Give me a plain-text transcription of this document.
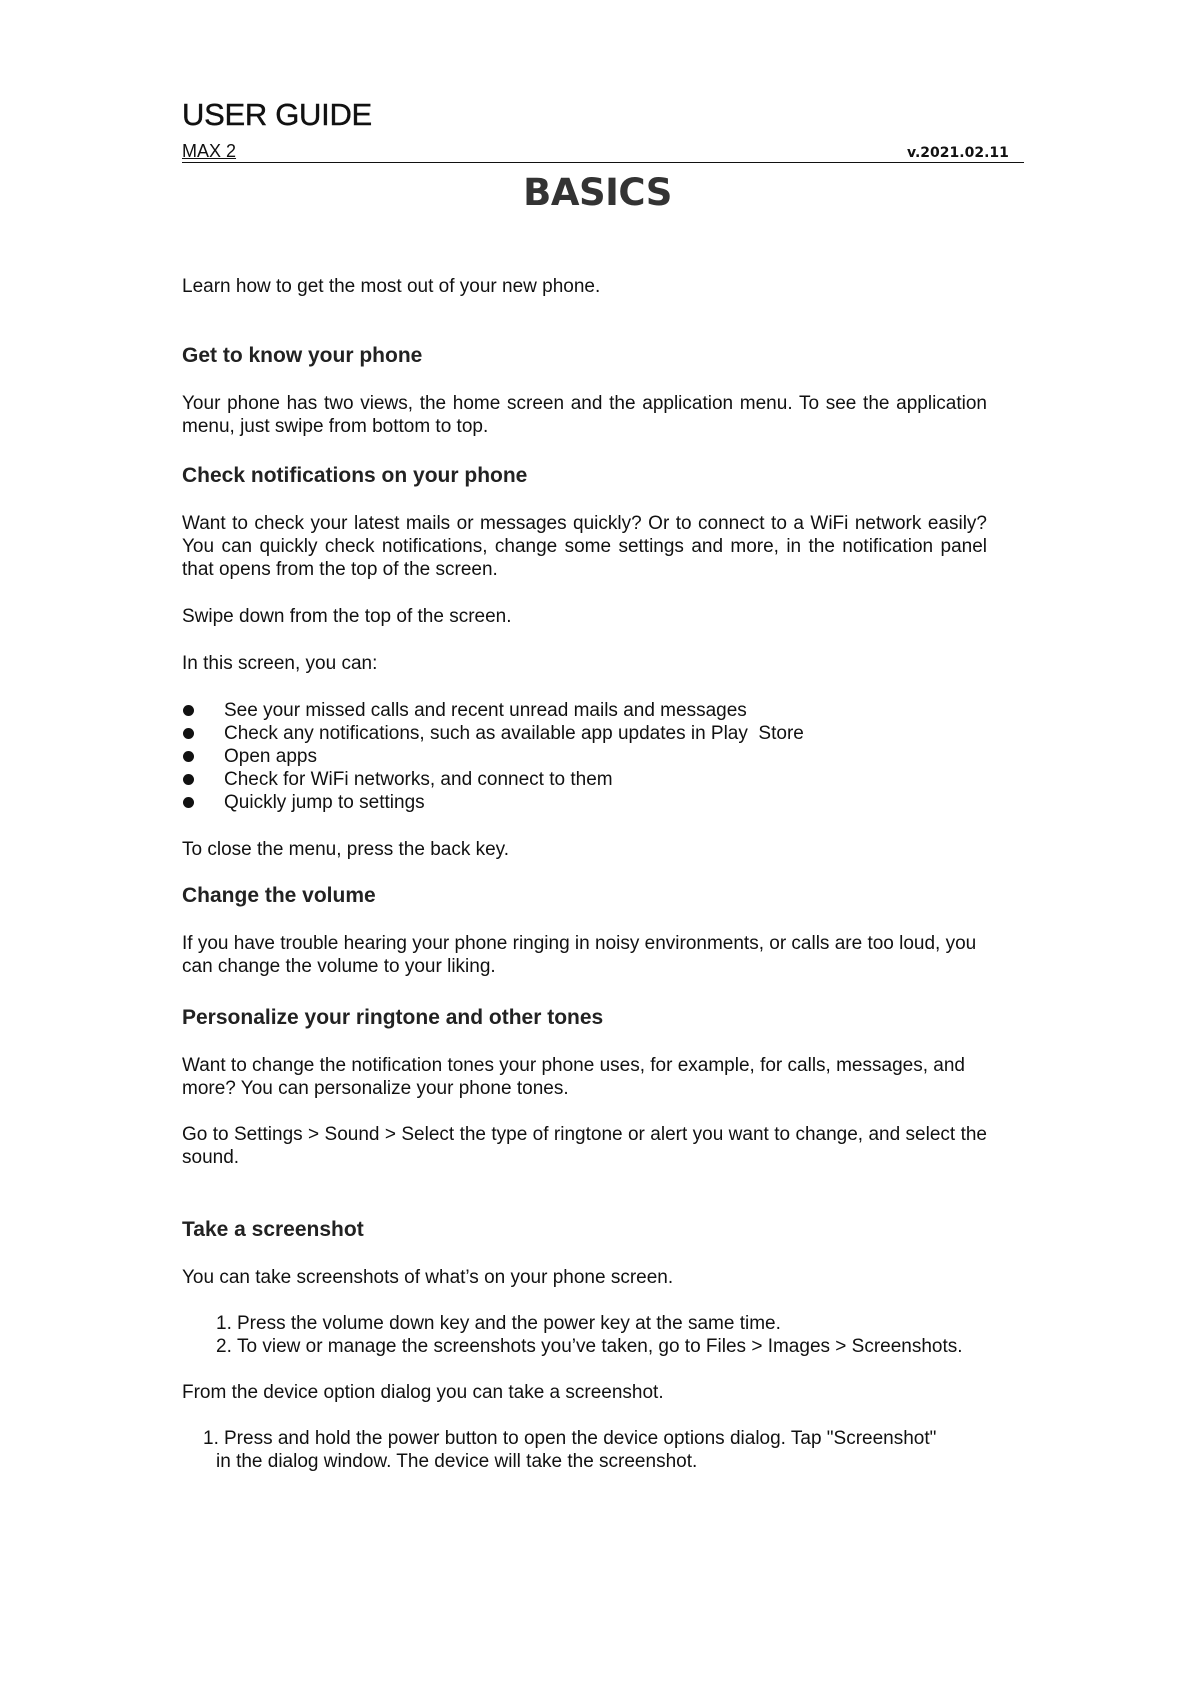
USER GUIDE
MAX 2	v.2021.02.11
BASICS
Learn how to get the most out of your new phone.
Get to know your phone
Your phone has two views, the home screen and the application menu. To see the application menu, just swipe from bottom to top.
Check notifications on your phone
Want to check your latest mails or messages quickly? Or to connect to a WiFi network easily? You can quickly check notifications, change some settings and more, in the notification panel that opens from the top of the screen.
Swipe down from the top of the screen.
In this screen, you can:
See your missed calls and recent unread mails and messages
Check any notifications, such as available app updates in Play  Store
Open apps
Check for WiFi networks, and connect to them
Quickly jump to settings
To close the menu, press the back key.
Change the volume
If you have trouble hearing your phone ringing in noisy environments, or calls are too loud, you can change the volume to your liking.
Personalize your ringtone and other tones
Want to change the notification tones your phone uses, for example, for calls, messages, and more? You can personalize your phone tones.
Go to Settings > Sound > Select the type of ringtone or alert you want to change, and select the sound.
Take a screenshot
You can take screenshots of what’s on your phone screen.
1. Press the volume down key and the power key at the same time.
2. To view or manage the screenshots you’ve taken, go to Files > Images > Screenshots.
From the device option dialog you can take a screenshot.
1. Press and hold the power button to open the device options dialog. Tap "Screenshot"
in the dialog window. The device will take the screenshot.
